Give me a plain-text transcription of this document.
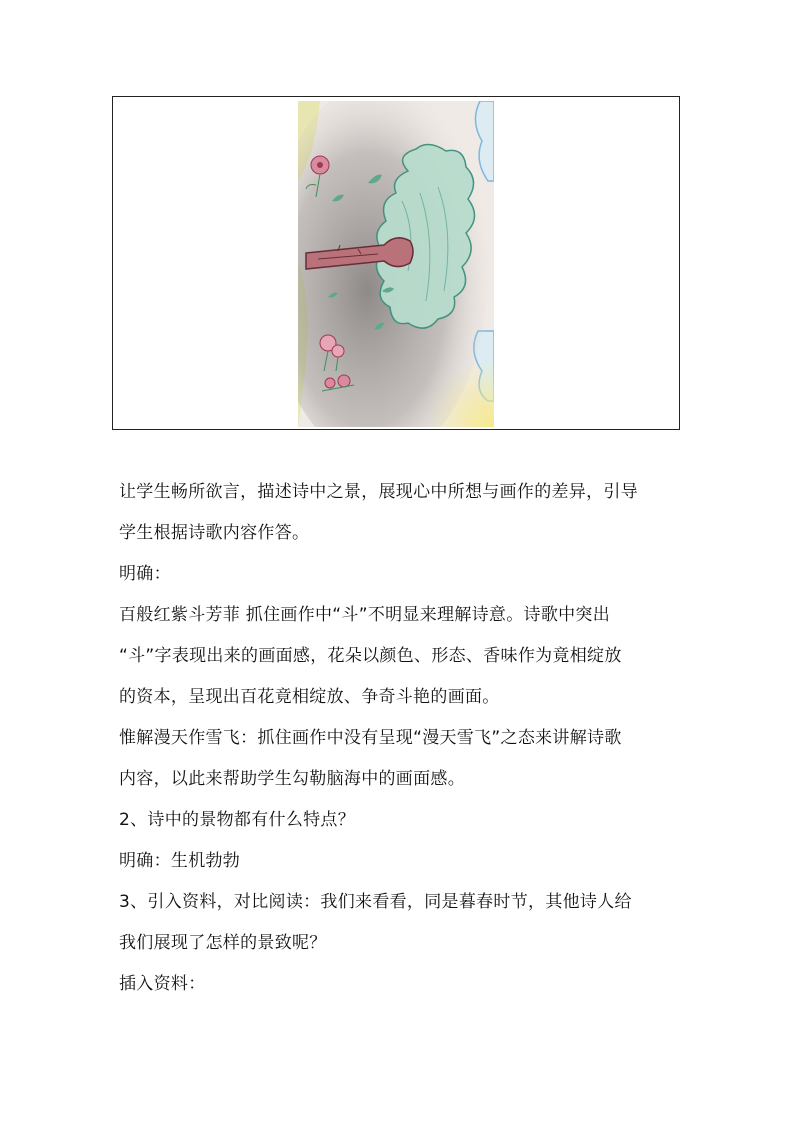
让学生畅所欲言，描述诗中之景，展现心中所想与画作的差异，引导

学生根据诗歌内容作答。

明确：

百般红紫斗芳菲 抓住画作中“斗”不明显来理解诗意。诗歌中突出

“斗”字表现出来的画面感，花朵以颜色、形态、香味作为竟相绽放

的资本，呈现出百花竟相绽放、争奇斗艳的画面。

惟解漫天作雪飞：抓住画作中没有呈现“漫天雪飞”之态来讲解诗歌

内容，以此来帮助学生勾勒脑海中的画面感。

2、诗中的景物都有什么特点？

明确：生机勃勃

3、引入资料，对比阅读：我们来看看，同是暮春时节，其他诗人给

我们展现了怎样的景致呢？

插入资料：
